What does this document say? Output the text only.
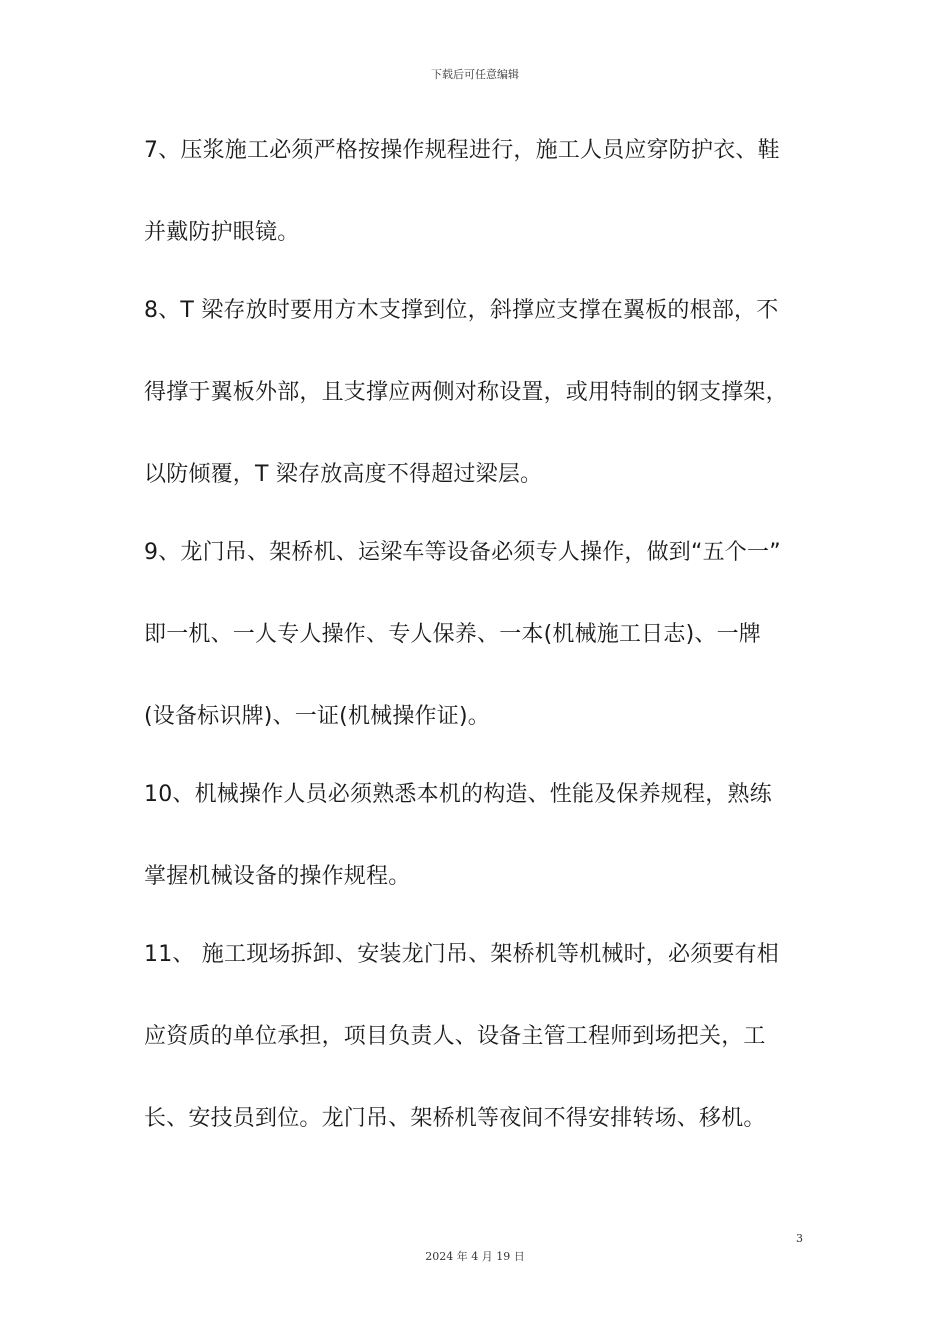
下载后可任意编辑
7、压浆施工必须严格按操作规程进行，施工人员应穿防护衣、鞋
并戴防护眼镜。
8、T 梁存放时要用方木支撑到位，斜撑应支撑在翼板的根部，不
得撑于翼板外部，且支撑应两侧对称设置，或用特制的钢支撑架，
以防倾覆，T 梁存放高度不得超过梁层。
9、龙门吊、架桥机、运梁车等设备必须专人操作，做到“五个一”
即一机、一人专人操作、专人保养、一本(机械施工日志)、一牌
(设备标识牌)、一证(机械操作证)。
10、机械操作人员必须熟悉本机的构造、性能及保养规程，熟练
掌握机械设备的操作规程。
11、 施工现场拆卸、安装龙门吊、架桥机等机械时，必须要有相
应资质的单位承担，项目负责人、设备主管工程师到场把关，工
长、安技员到位。龙门吊、架桥机等夜间不得安排转场、移机。
3
2024 年 4 月 19 日
